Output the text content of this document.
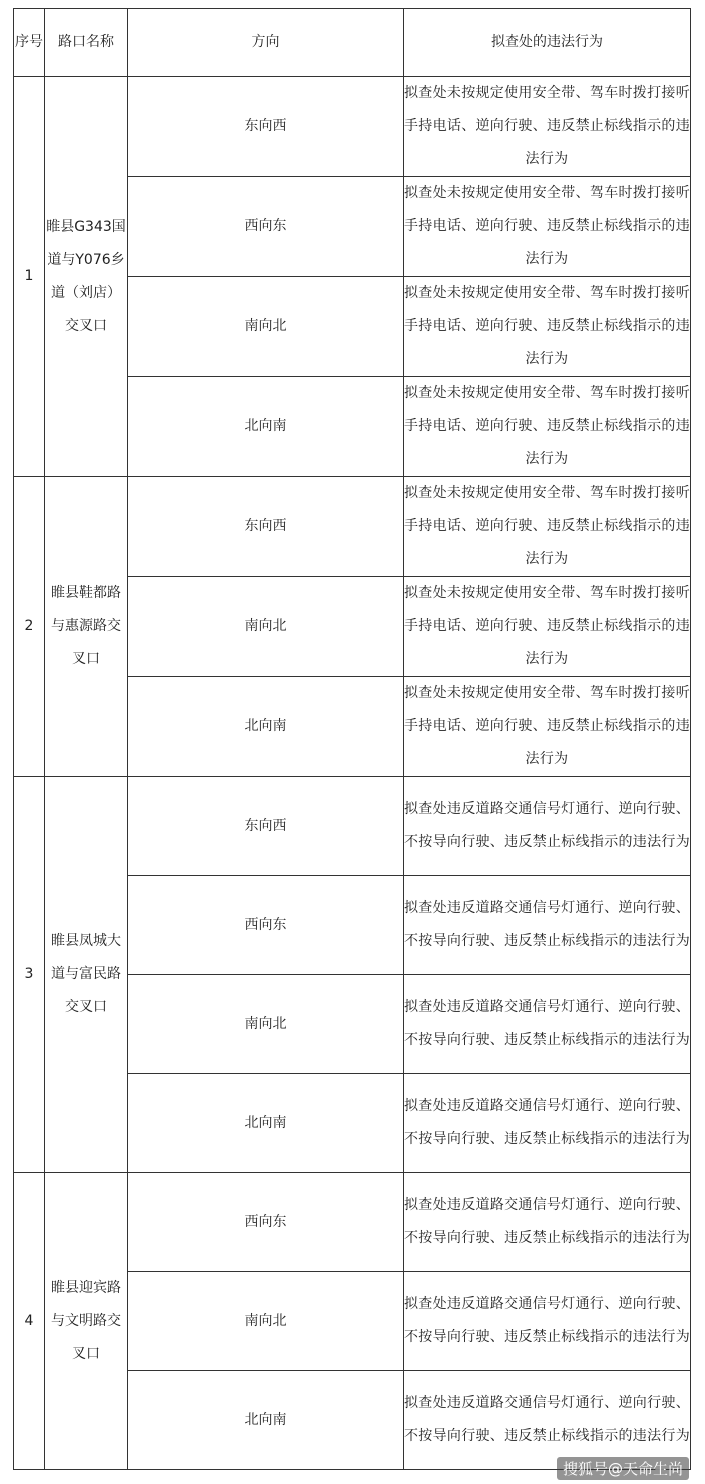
序号	路口名称	方向	拟查处的违法行为
1	睢县G343国道与Y076乡道（刘店）交叉口	东向西	拟查处未按规定使用安全带、驾车时拨打接听手持电话、逆向行驶、违反禁止标线指示的违法行为
		西向东	拟查处未按规定使用安全带、驾车时拨打接听手持电话、逆向行驶、违反禁止标线指示的违法行为
		南向北	拟查处未按规定使用安全带、驾车时拨打接听手持电话、逆向行驶、违反禁止标线指示的违法行为
		北向南	拟查处未按规定使用安全带、驾车时拨打接听手持电话、逆向行驶、违反禁止标线指示的违法行为
2	睢县鞋都路与惠源路交叉口	东向西	拟查处未按规定使用安全带、驾车时拨打接听手持电话、逆向行驶、违反禁止标线指示的违法行为
		南向北	拟查处未按规定使用安全带、驾车时拨打接听手持电话、逆向行驶、违反禁止标线指示的违法行为
		北向南	拟查处未按规定使用安全带、驾车时拨打接听手持电话、逆向行驶、违反禁止标线指示的违法行为
3	睢县凤城大道与富民路交叉口	东向西	拟查处违反道路交通信号灯通行、逆向行驶、不按导向行驶、违反禁止标线指示的违法行为
		西向东	拟查处违反道路交通信号灯通行、逆向行驶、不按导向行驶、违反禁止标线指示的违法行为
		南向北	拟查处违反道路交通信号灯通行、逆向行驶、不按导向行驶、违反禁止标线指示的违法行为
		北向南	拟查处违反道路交通信号灯通行、逆向行驶、不按导向行驶、违反禁止标线指示的违法行为
4	睢县迎宾路与文明路交叉口	西向东	拟查处违反道路交通信号灯通行、逆向行驶、不按导向行驶、违反禁止标线指示的违法行为
		南向北	拟查处违反道路交通信号灯通行、逆向行驶、不按导向行驶、违反禁止标线指示的违法行为
		北向南	拟查处违反道路交通信号灯通行、逆向行驶、不按导向行驶、违反禁止标线指示的违法行为
搜狐号@天命生尚
